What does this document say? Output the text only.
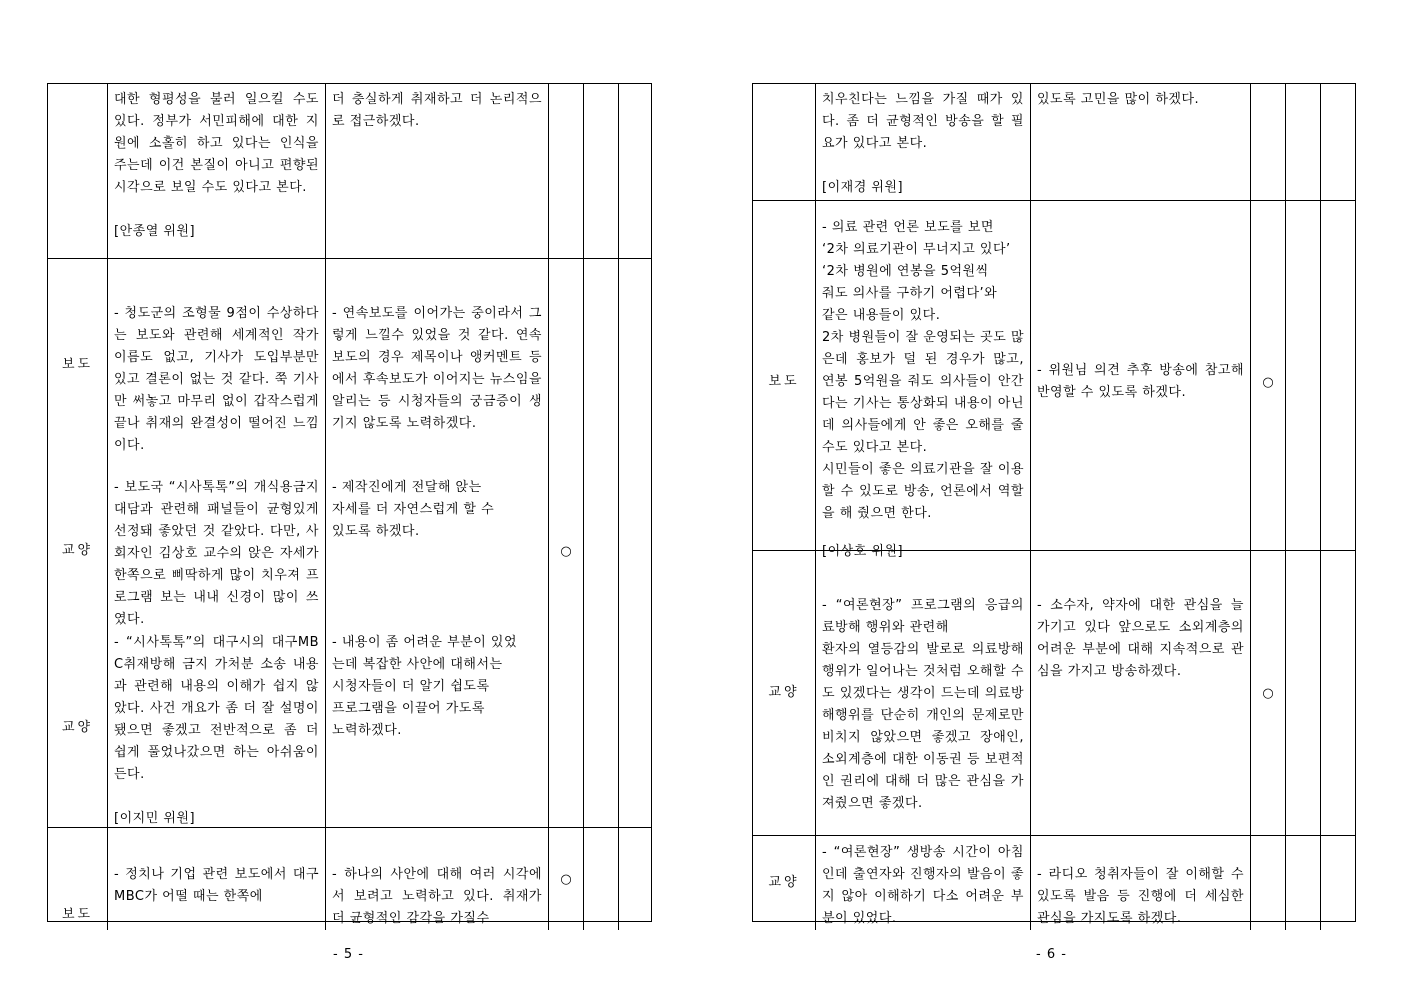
대한 형평성을 불러 일으킬 수도 있다. 정부가 서민피해에 대한 지원에 소홀히 하고 있다는 인식을 주는데 이건 본질이 아니고 편향된 시각으로 보일 수도 있다고 본다.
[안종열 위원]
더 충실하게 취재하고 더 논리적으로 접근하겠다.
보도
- 청도군의 조형물 9점이 수상하다는 보도와 관련해 세계적인 작가 이름도 없고, 기사가 도입부분만 있고 결론이 없는 것 같다. 쭉 기사만 써놓고 마무리 없이 갑작스럽게 끝나 취재의 완결성이 떨어진 느낌이다.
- 연속보도를 이어가는 중이라서 그렇게 느낄수 있었을 것 같다. 연속보도의 경우 제목이나 앵커멘트 등에서 후속보도가 이어지는 뉴스임을 알리는 등 시청자들의 궁금증이 생기지 않도록 노력하겠다.
교양
- 보도국 “시사톡톡”의 개식용금지 대담과 관련해 패널들이 균형있게 선정돼 좋았던 것 같았다. 다만, 사회자인 김상호 교수의 앉은 자세가 한쪽으로 삐딱하게 많이 치우져 프로그램 보는 내내 신경이 많이 쓰였다.
- 제작진에게 전달해 앉는
자세를 더 자연스럽게 할 수
있도록 하겠다.
○
교양
- “시사톡톡”의 대구시의 대구MBC취재방해 금지 가처분 소송 내용과 관련해 내용의 이해가 쉽지 않았다. 사건 개요가 좀 더 잘 설명이 됐으면 좋겠고 전반적으로 좀 더 쉽게 풀었나갔으면 하는 아쉬움이 든다.
[이지민 위원]
- 내용이 좀 어려운 부분이 있었
는데 복잡한 사안에 대해서는
시청자들이 더 알기 쉽도록
프로그램을 이끌어 가도록
노력하겠다.
보도
- 정치나 기업 관련 보도에서 대구MBC가 어떨 때는 한쪽에
- 하나의 사안에 대해 여러 시각에서 보려고 노력하고 있다. 취재가 더 균형적인 감각을 가질수
○
- 5 -
치우친다는 느낌을 가질 때가 있다. 좀 더 균형적인 방송을 할 필요가 있다고 본다.
[이재경 위원]
있도록 고민을 많이 하겠다.
보도
- 의료 관련 언론 보도를 보면
‘2차 의료기관이 무너지고 있다’
‘2차 병원에 연봉을 5억원씩
줘도 의사를 구하기 어렵다’와
같은 내용들이 있다.
2차 병원들이 잘 운영되는 곳도 많은데 홍보가 덜 된 경우가 많고, 연봉 5억원을 줘도 의사들이 안간다는 기사는 통상화되 내용이 아닌데 의사들에게 안 좋은 오해를 줄 수도 있다고 본다.
시민들이 좋은 의료기관을 잘 이용할 수 있도로 방송, 언론에서 역할을 해 줬으면 한다.
[이상호 위원]
- 위원님 의견 추후 방송에 참고해 반영할 수 있도록 하겠다.
○
교양
- “여론현장” 프로그램의 응급의료방해 행위와 관련해
환자의 열등감의 발로로 의료방해 행위가 일어나는 것처럼 오해할 수도 있겠다는 생각이 드는데 의료방해행위를 단순히 개인의 문제로만 비치지 않았으면 좋겠고 장애인, 소외계층에 대한 이동권 등 보편적인 권리에 대해 더 많은 관심을 가져줬으면 좋겠다.
- 소수자, 약자에 대한 관심을 늘 가기고 있다 앞으로도 소외계층의 어려운 부분에 대해 지속적으로 관심을 가지고 방송하겠다.
○
교양
- “여론현장” 생방송 시간이 아침인데 출연자와 진행자의 발음이 좋지 않아 이해하기 다소 어려운 부분이 있었다.
- 라디오 청취자들이 잘 이해할 수 있도록 발음 등 진행에 더 세심한 관심을 가지도록 하겠다.
- 6 -
